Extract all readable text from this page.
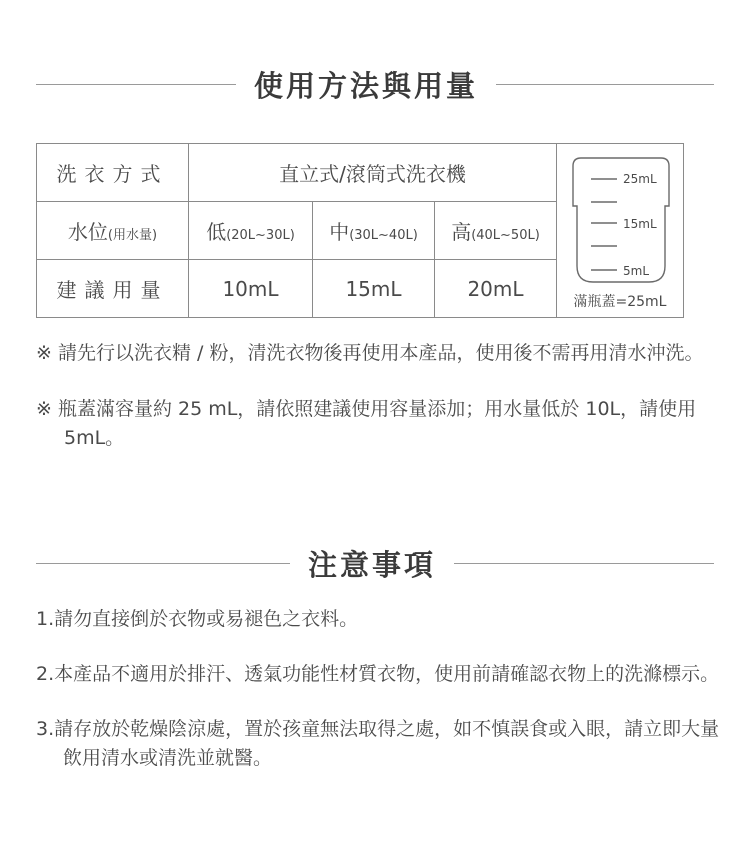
使用方法與用量
洗衣方式	直立式/滾筒式洗衣機			25mL
15mL
5mL
滿瓶蓋=25mL

水位(用水量)	低(20L~30L)	中(30L~40L)	高(40L~50L)	
建議用量	10mL	15mL	20mL	

※ 請先行以洗衣精 / 粉，清洗衣物後再使用本產品，使用後不需再用清水沖洗。

※ 瓶蓋滿容量約 25 mL，請依照建議使用容量添加；用水量低於 10L，請使用 5mL。

注意事項

1.請勿直接倒於衣物或易褪色之衣料。

2.本產品不適用於排汗、透氣功能性材質衣物，使用前請確認衣物上的洗滌標示。

3.請存放於乾燥陰涼處，置於孩童無法取得之處，如不慎誤食或入眼，請立即大量飲用清水或清洗並就醫。
